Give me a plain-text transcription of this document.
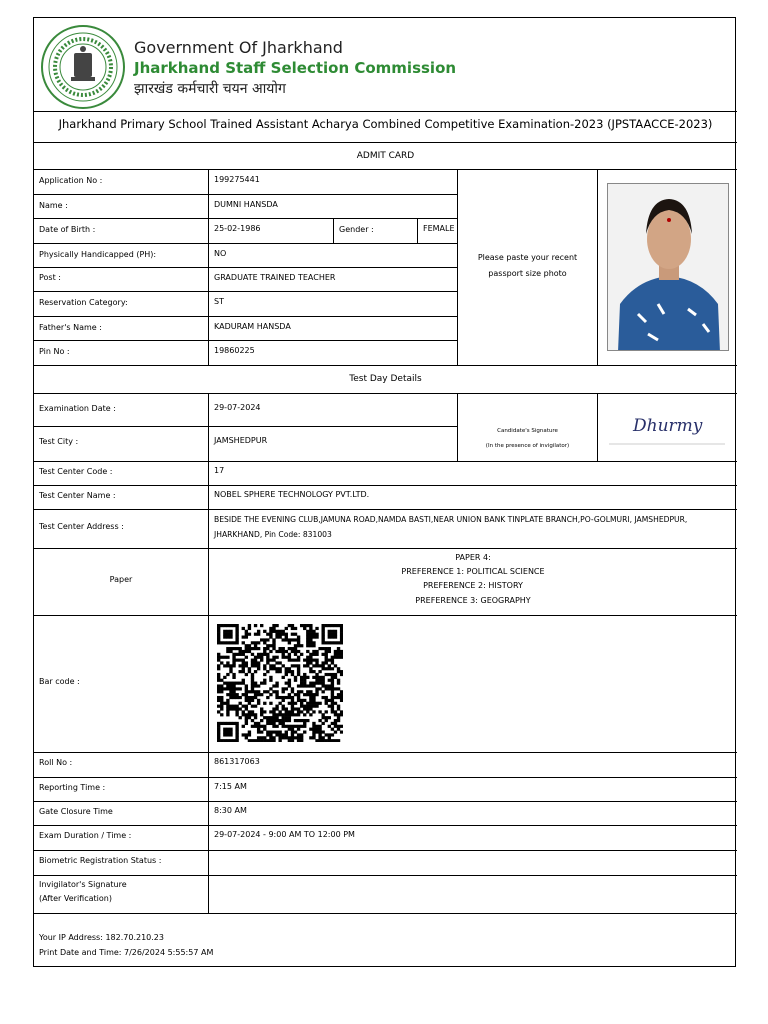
Government Of Jharkhand
Jharkhand Staff Selection Commission
झारखंड कर्मचारी चयन आयोग
Jharkhand Primary School Trained Assistant Acharya Combined Competitive Examination-2023 (JPSTAACCE-2023)
ADMIT CARD
Application No :	199275441
Name :	DUMNI HANSDA
Date of Birth :	25-02-1986	Gender :	FEMALE
Physically Handicapped (PH):	NO
Post :	GRADUATE TRAINED TEACHER
Reservation Category:	ST
Father's Name :	KADURAM HANSDA
Pin No :	19860225
Please paste your recent
passport size photo
Test Day Details
Examination Date :	29-07-2024
Test City :	JAMSHEDPUR
Candidate's Signature
(In the presence of invigilator)
Dhurmy
Test Center Code :	17
Test Center Name :	NOBEL SPHERE TECHNOLOGY PVT.LTD.
Test Center Address :
BESIDE THE EVENING CLUB,JAMUNA ROAD,NAMDA BASTI,NEAR UNION BANK TINPLATE BRANCH,PO-GOLMURI, JAMSHEDPUR,
JHARKHAND, Pin Code: 831003
Paper
PAPER 4:
PREFERENCE 1: POLITICAL SCIENCE
PREFERENCE 2: HISTORY
PREFERENCE 3: GEOGRAPHY
Bar code :
Roll No :	861317063
Reporting Time :	7:15 AM
Gate Closure Time	8:30 AM
Exam Duration / Time :	29-07-2024 - 9:00 AM TO 12:00 PM
Biometric Registration Status :
Invigilator's Signature
(After Verification)
Your IP Address: 182.70.210.23
Print Date and Time: 7/26/2024 5:55:57 AM
